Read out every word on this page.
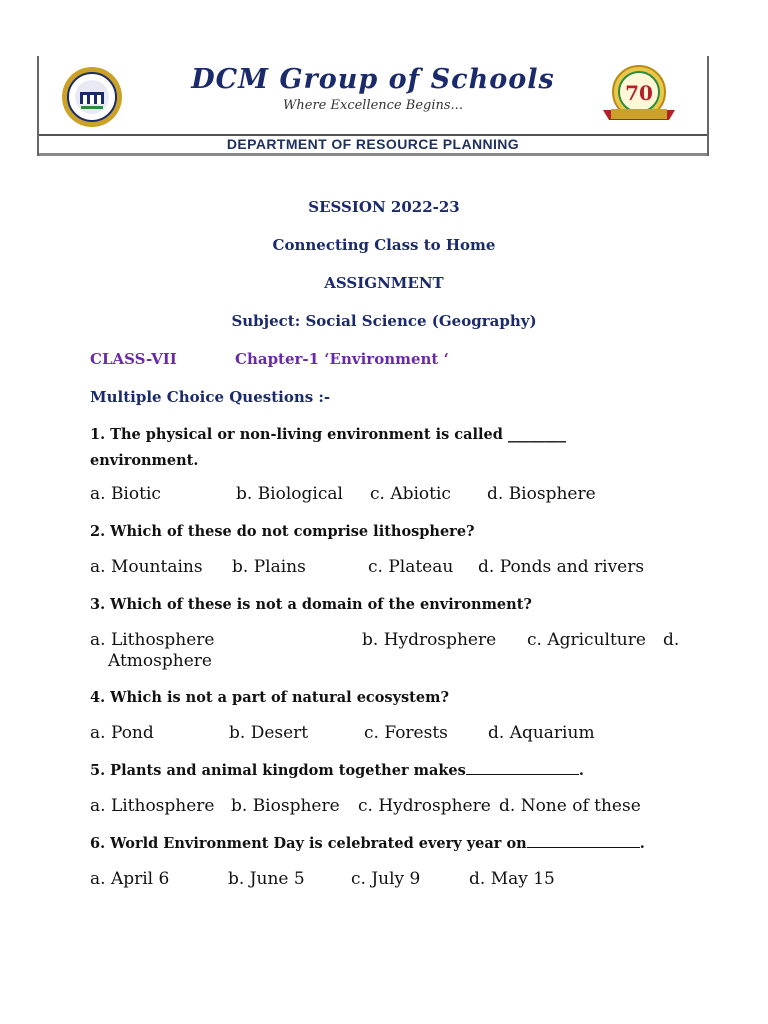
DCM Group of Schools
Where Excellence Begins...
70
DEPARTMENT OF RESOURCE PLANNING
SESSION 2022-23
Connecting Class to Home
ASSIGNMENT
Subject: Social Science (Geography)
CLASS-VII	Chapter-1 ‘Environment ‘
Multiple Choice Questions :-
1. The physical or non-living environment is called ________
environment.
a. Biotic	b. Biological c. Abiotic d. Biosphere
2. Which of these do not comprise lithosphere?
a. Mountains b. Plains	c. Plateau d. Ponds and rivers
3. Which of these is not a domain of the environment?
a. Lithosphere	b. Hydrosphere c. Agriculture d.
Atmosphere
4. Which is not a part of natural ecosystem?
a. Pond	b. Desert	c. Forests d. Aquarium
5. Plants and animal kingdom together makes	.
a. Lithosphere b. Biosphere c. Hydrosphere d. None of these
6. World Environment Day is celebrated every year on	.
a. April 6	b. June 5	c. July 9	d. May 15
